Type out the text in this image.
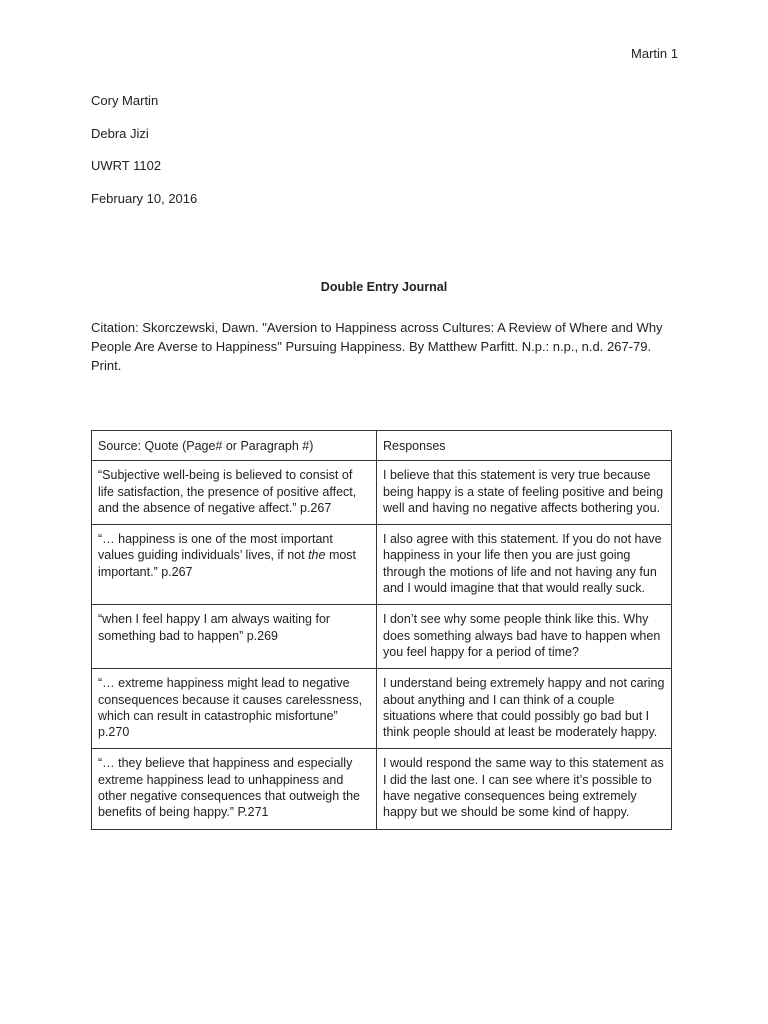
Martin 1
Cory Martin
Debra Jizi
UWRT 1102
February 10, 2016
Double Entry Journal
Citation: Skorczewski, Dawn. "Aversion to Happiness across Cultures: A Review of Where and Why People Are Averse to Happiness" Pursuing Happiness. By Matthew Parfitt. N.p.: n.p., n.d. 267-79. Print.
Source: Quote (Page# or Paragraph #)	Responses
“Subjective well-being is believed to consist of life satisfaction, the presence of positive affect, and the absence of negative affect.” p.267	I believe that this statement is very true because being happy is a state of feeling positive and being well and having no negative affects bothering you.
“… happiness is one of the most important values guiding individuals’ lives, if not the most important.” p.267	I also agree with this statement. If you do not have happiness in your life then you are just going through the motions of life and not having any fun and I would imagine that that would really suck.
“when I feel happy I am always waiting for something bad to happen” p.269	I don’t see why some people think like this. Why does something always bad have to happen when you feel happy for a period of time?
“… extreme happiness might lead to negative consequences because it causes carelessness, which can result in catastrophic misfortune” p.270	I understand being extremely happy and not caring about anything and I can think of a couple situations where that could possibly go bad but I think people should at least be moderately happy.
“… they believe that happiness and especially extreme happiness lead to unhappiness and other negative consequences that outweigh the benefits of being happy.” P.271	I would respond the same way to this statement as I did the last one. I can see where it’s possible to have negative consequences being extremely happy but we should be some kind of happy.
